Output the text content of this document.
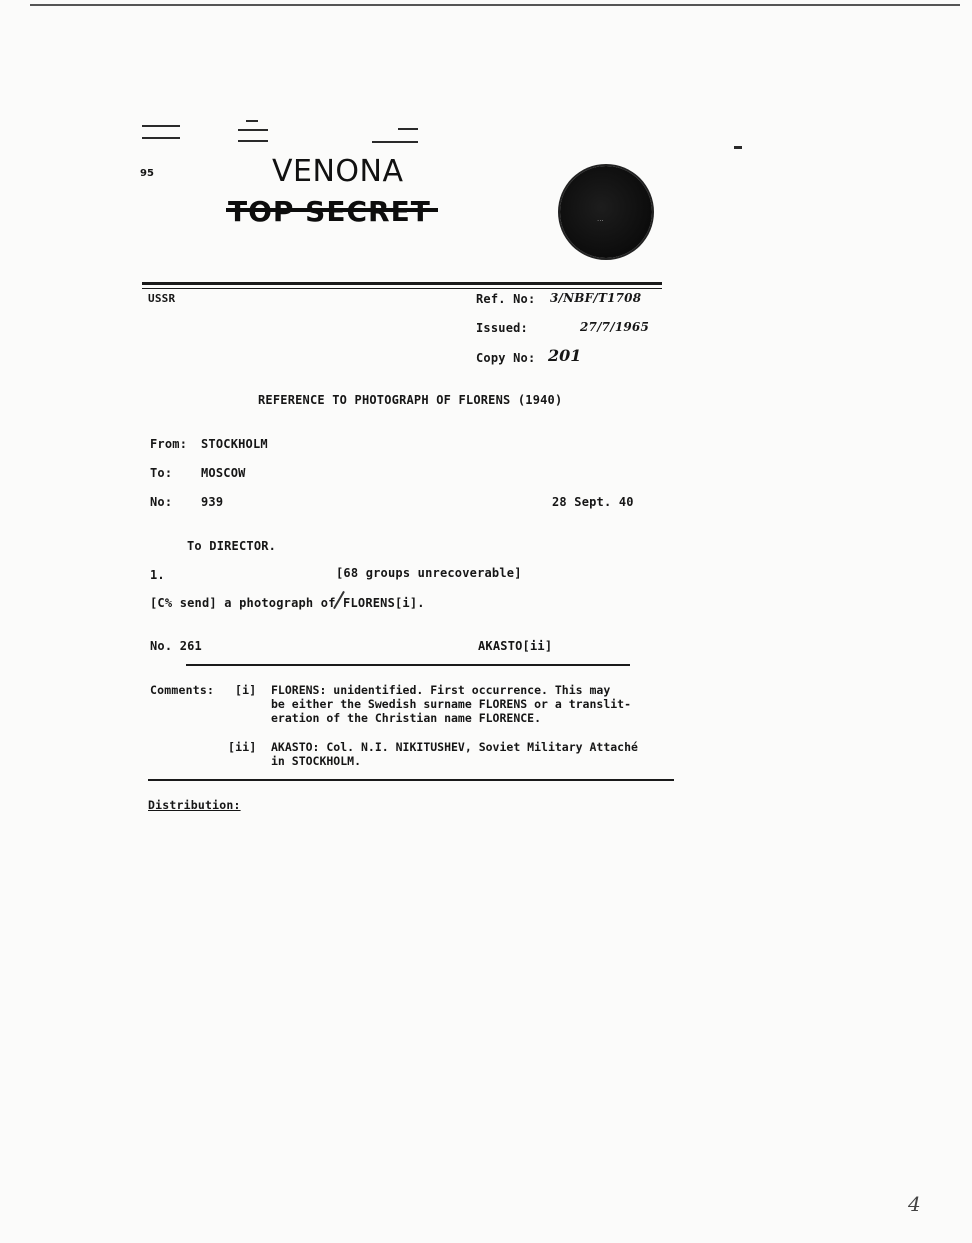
95	VENONA
...
USSR	Ref. No: 3/NBF/T1708
Issued:	27/7/1965
Copy No: 201
REFERENCE TO PHOTOGRAPH OF FLORENS (1940)
From: STOCKHOLM
To: MOSCOW
No: 939	28 Sept. 40
To DIRECTOR.
1.	[68 groups unrecoverable]
[C% send] a photograph of FLORENS[i].
No. 261	AKASTO[ii]
Comments: [i] FLORENS: unidentified. First occurrence. This may
be either the Swedish surname FLORENS or a translit-
eration of the Christian name FLORENCE.
[ii] AKASTO: Col. N.I. NIKITUSHEV, Soviet Military Attaché
in STOCKHOLM.
Distribution:
4
